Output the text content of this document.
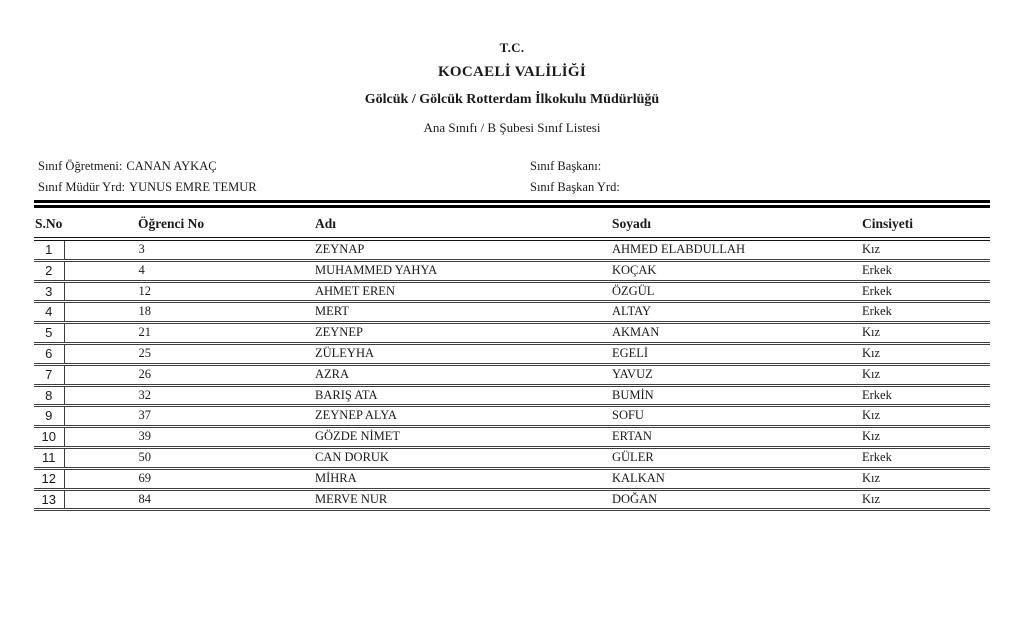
T.C.
KOCAELİ VALİLİĞİ
Gölcük / Gölcük Rotterdam İlkokulu Müdürlüğü
Ana Sınıfı / B Şubesi Sınıf Listesi
Sınıf Öğretmeni: CANAN AYKAÇ	Sınıf Başkanı:
Sınıf Müdür Yrd: YUNUS EMRE TEMUR	Sınıf Başkan Yrd:
S.No	Öğrenci No	Adı	Soyadı	Cinsiyeti
1	3	ZEYNAP	AHMED ELABDULLAH	Kız
2	4	MUHAMMED YAHYA	KOÇAK	Erkek
3	12	AHMET EREN	ÖZGÜL	Erkek
4	18	MERT	ALTAY	Erkek
5	21	ZEYNEP	AKMAN	Kız
6	25	ZÜLEYHA	EGELİ	Kız
7	26	AZRA	YAVUZ	Kız
8	32	BARIŞ ATA	BUMİN	Erkek
9	37	ZEYNEP ALYA	SOFU	Kız
10	39	GÖZDE NİMET	ERTAN	Kız
11	50	CAN DORUK	GÜLER	Erkek
12	69	MİHRA	KALKAN	Kız
13	84	MERVE NUR	DOĞAN	Kız
